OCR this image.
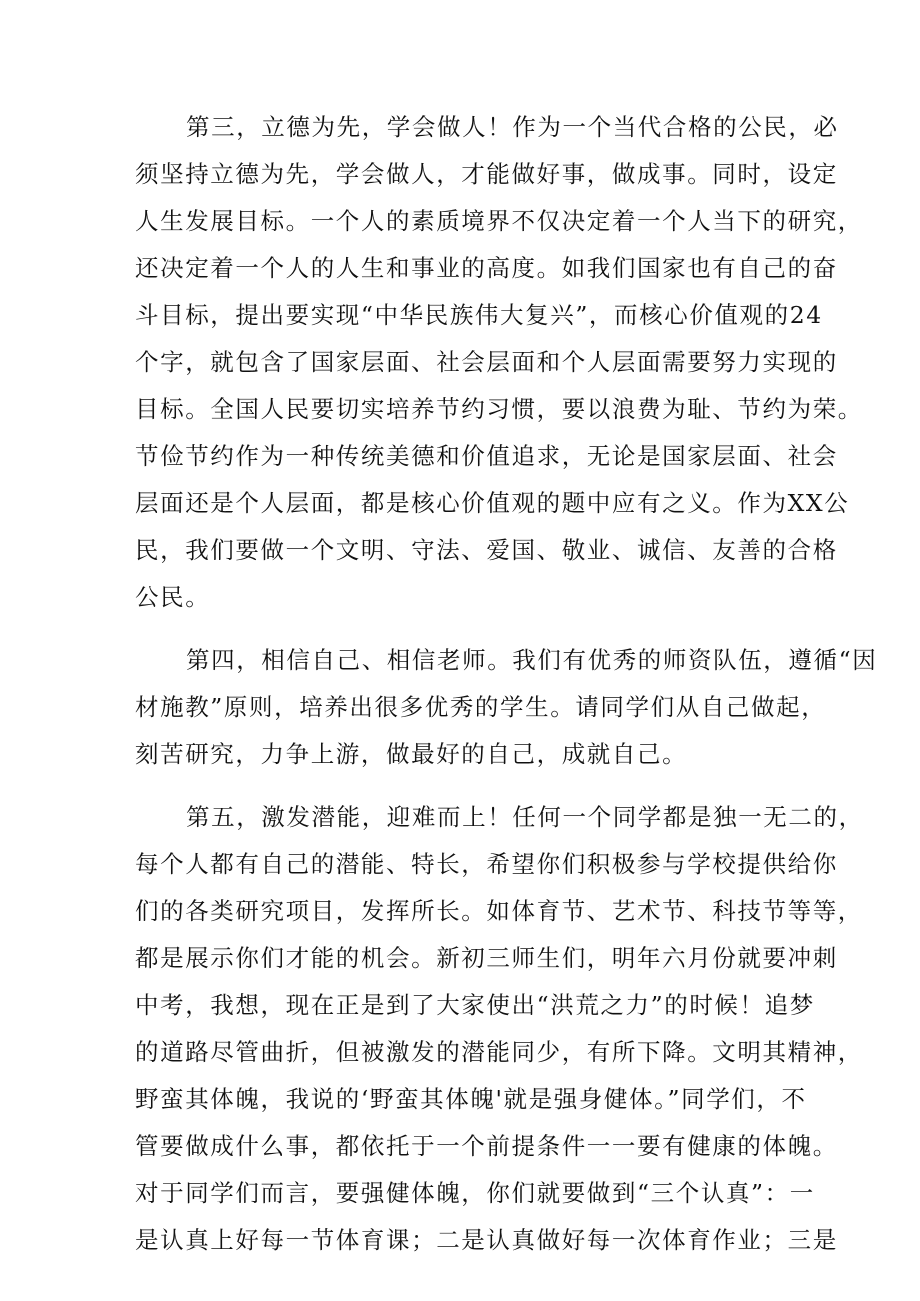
第三，立德为先，学会做人！作为一个当代合格的公民，必
须坚持立德为先，学会做人，才能做好事，做成事。同时，设定
人生发展目标。一个人的素质境界不仅决定着一个人当下的研究，
还决定着一个人的人生和事业的高度。如我们国家也有自己的奋
斗目标，提出要实现“中华民族伟大复兴”，而核心价值观的24
个字，就包含了国家层面、社会层面和个人层面需要努力实现的
目标。全国人民要切实培养节约习惯，要以浪费为耻、节约为荣。
节俭节约作为一种传统美德和价值追求，无论是国家层面、社会
层面还是个人层面，都是核心价值观的题中应有之义。作为XX公
民，我们要做一个文明、守法、爱国、敬业、诚信、友善的合格
公民。
第四，相信自己、相信老师。我们有优秀的师资队伍，遵循“因
材施教”原则，培养出很多优秀的学生。请同学们从自己做起，
刻苦研究，力争上游，做最好的自己，成就自己。
第五，激发潜能，迎难而上！任何一个同学都是独一无二的，
每个人都有自己的潜能、特长，希望你们积极参与学校提供给你
们的各类研究项目，发挥所长。如体育节、艺术节、科技节等等，
都是展示你们才能的机会。新初三师生们，明年六月份就要冲刺
中考，我想，现在正是到了大家使出“洪荒之力”的时候！追梦
的道路尽管曲折，但被激发的潜能同少，有所下降。文明其精神，
野蛮其体魄，我说的‘野蛮其体魄'就是强身健体。”同学们，不
管要做成什么事，都依托于一个前提条件一一要有健康的体魄。
对于同学们而言，要强健体魄，你们就要做到“三个认真”：一
是认真上好每一节体育课；二是认真做好每一次体育作业；三是
